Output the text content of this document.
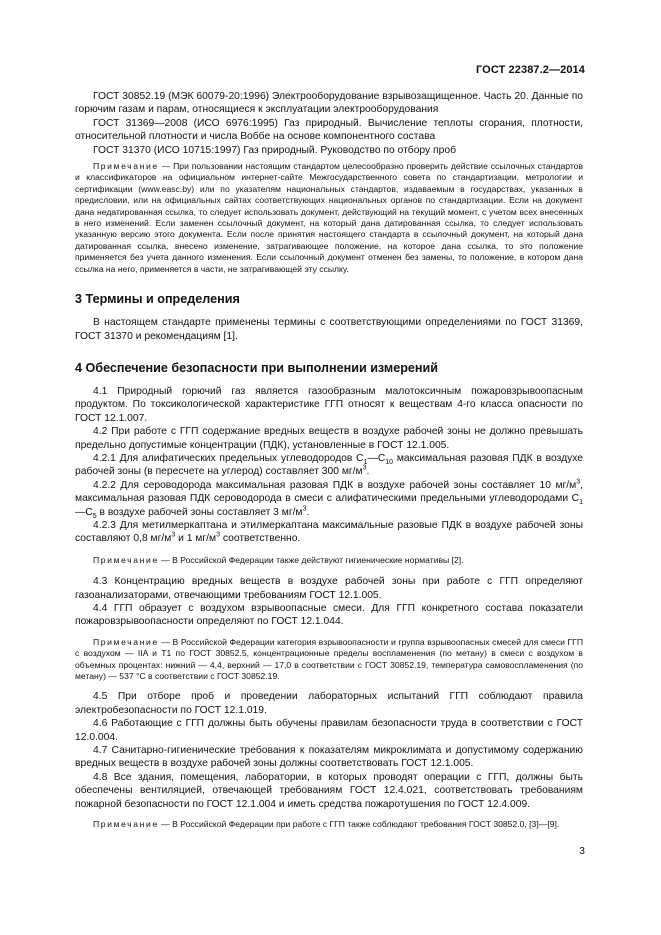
ГОСТ 22387.2—2014

ГОСТ 30852.19 (МЭК 60079-20:1996) Электрооборудование взрывозащищенное. Часть 20. Данные по горючим газам и парам, относящиеся к эксплуатации электрооборудования

ГОСТ 31369—2008 (ИСО 6976:1995) Газ природный. Вычисление теплоты сгорания, плотности, относительной плотности и числа Воббе на основе компонентного состава

ГОСТ 31370 (ИСО 10715:1997) Газ природный. Руководство по отбору проб

Примечание — При пользовании настоящим стандартом целесообразно проверить действие ссылочных стандартов и классификаторов на официальном интернет-сайте Межгосударственного совета по стандартизации, метрологии и сертификации (www.easc.by) или по указателям национальных стандартов, издаваемым в государствах, указанных в предисловии, или на официальных сайтах соответствующих национальных органов по стандартизации. Если на документ дана недатированная ссылка, то следует использовать документ, действующий на текущий момент, с учетом всех внесенных в него изменений. Если заменен ссылочный документ, на который дана датированная ссылка, то следует использовать указанную версию этого документа. Если после принятия настоящего стандарта в ссылочный документ, на который дана датированная ссылка, внесено изменение, затрагивающее положение, на которое дана ссылка, то это положение применяется без учета данного изменения. Если ссылочный документ отменен без замены, то положение, в котором дана ссылка на него, применяется в части, не затрагивающей эту ссылку.

3 Термины и определения

В настоящем стандарте применены термины с соответствующими определениями по ГОСТ 31369, ГОСТ 31370 и рекомендациям [1].

4 Обеспечение безопасности при выполнении измерений

4.1 Природный горючий газ является газообразным малотоксичным пожаровзрывоопасным продуктом. По токсикологической характеристике ГГП относят к веществам 4-го класса опасности по ГОСТ 12.1.007.

4.2 При работе с ГГП содержание вредных веществ в воздухе рабочей зоны не должно превышать предельно допустимые концентрации (ПДК), установленные в ГОСТ 12.1.005.

4.2.1 Для алифатических предельных углеводородов $С_1—С_{10}$ максимальная разовая ПДК в воздухе рабочей зоны (в пересчете на углерод) составляет 300 $мг/м^3$.

4.2.2 Для сероводорода максимальная разовая ПДК в воздухе рабочей зоны составляет 10 $мг/м^3$, максимальная разовая ПДК сероводорода в смеси с алифатическими предельными углеводородами $С_1—С_5$ в воздухе рабочей зоны составляет 3 $мг/м^3$.

4.2.3 Для метилмеркаптана и этилмеркаптана максимальные разовые ПДК в воздухе рабочей зоны составляют 0,8 $мг/м^3$ и 1 $мг/м^3$ соответственно.

Примечание — В Российской Федерации также действуют гигиенические нормативы [2].

4.3 Концентрацию вредных веществ в воздухе рабочей зоны при работе с ГГП определяют газоанализаторами, отвечающими требованиям ГОСТ 12.1.005.

4.4 ГГП образует с воздухом взрывоопасные смеси. Для ГГП конкретного состава показатели пожаровзрывоопасности определяют по ГОСТ 12.1.044.

Примечание — В Российской Федерации категория взрывоопасности и группа взрывоопасных смесей для смеси ГГП с воздухом — IIA и Т1 по ГОСТ 30852.5, концентрационные пределы воспламенения (по метану) в смеси с воздухом в объемных процентах: нижний — 4,4, верхний — 17,0 в соответствии с ГОСТ 30852.19, температура самовоспламенения (по метану) — 537 °С в соответствии с ГОСТ 30852.19.

4.5 При отборе проб и проведении лабораторных испытаний ГГП соблюдают правила электробезопасности по ГОСТ 12.1.019.

4.6 Работающие с ГГП должны быть обучены правилам безопасности труда в соответствии с ГОСТ 12.0.004.

4.7 Санитарно-гигиенические требования к показателям микроклимата и допустимому содержанию вредных веществ в воздухе рабочей зоны должны соответствовать ГОСТ 12.1.005.

4.8 Все здания, помещения, лаборатории, в которых проводят операции с ГГП, должны быть обеспечены вентиляцией, отвечающей требованиям ГОСТ 12.4.021, соответствовать требованиям пожарной безопасности по ГОСТ 12.1.004 и иметь средства пожаротушения по ГОСТ 12.4.009.

Примечание — В Российской Федерации при работе с ГГП также соблюдают требования ГОСТ 30852.0, [3]—[9].

3
